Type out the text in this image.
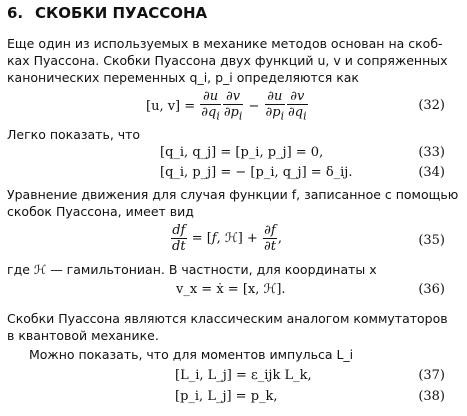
6. СКОБКИ ПУАССОНА
Еще один из используемых в механике методов основан на скоб-
ках Пуассона. Скобки Пуассона двух функций u, v и сопряженных
канонических переменных q_i, p_i определяются как
[u, $v] = \frac{\partial u}{\partial q_i} \frac{\partial v}{\partial p_i} - \frac{\partial u}{\partial p_i} \frac{\partial v}{\partial q_i}$	(32)
Легко показать, что
[q_i, q_j] = [p_i, p_j] = 0,	(33)
[q_i, p_j] = − [p_i, q_j] = δ_ij.	(34)
Уравнение движения для случая функции f, записанное с помощью
скобок Пуассона, имеет вид
$\frac{df}{dt} = [f$, ℋ] + $\frac{\partial f}{\partial t}$ ,	(35)
где ℋ — гамильтониан. В частности, для координаты x
v_x = ẋ = [x, ℋ].	(36)
Скобки Пуассона являются классическим аналогом коммутаторов
в квантовой механике.
Можно показать, что для моментов импульса L_i
[L_i, L_j] = ε_ijk L_k,	(37)
[p_i, L_j] = p_k,	(38)
